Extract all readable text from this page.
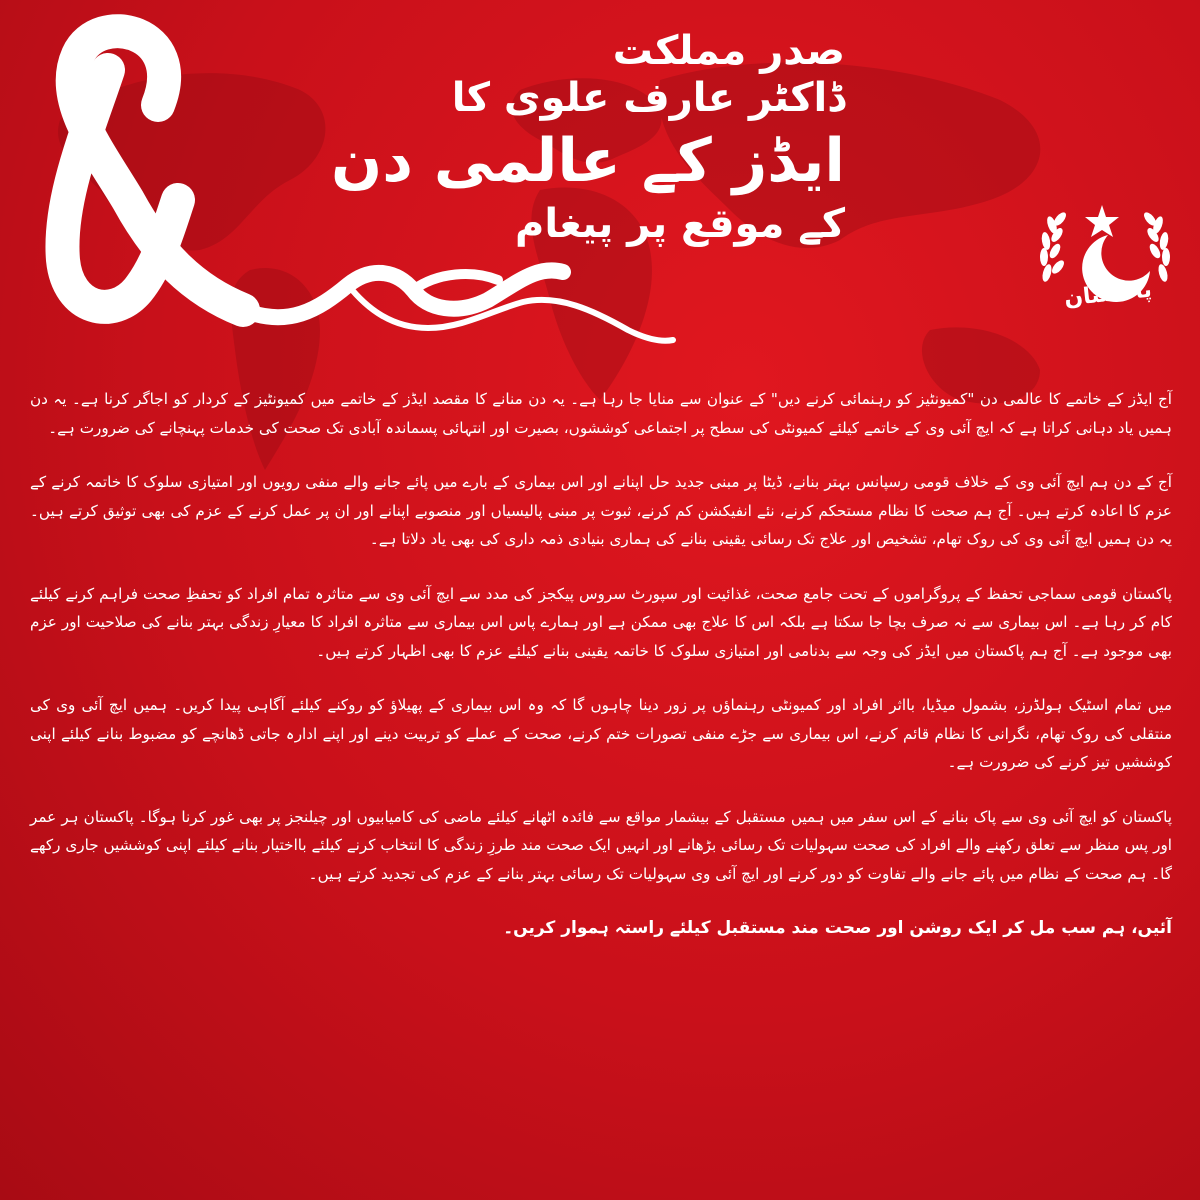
صدر مملکت
ڈاکٹر عارف علوی کا
ایڈز کے عالمی دن
کے موقع پر پیغام
پاکستان

آج ایڈز کے خاتمے کا عالمی دن "کمیونٹیز کو رہنمائی کرنے دیں" کے عنوان سے منایا جا رہا ہے۔ یہ دن منانے کا مقصد ایڈز کے خاتمے میں کمیونٹیز کے کردار کو اجاگر کرنا ہے۔ یہ دن ہمیں یاد دہانی کراتا ہے کہ ایچ آئی وی کے خاتمے کیلئے کمیونٹی کی سطح پر اجتماعی کوششوں، بصیرت اور انتہائی پسماندہ آبادی تک صحت کی خدمات پہنچانے کی ضرورت ہے۔

آج کے دن ہم ایچ آئی وی کے خلاف قومی رسپانس بہتر بنانے، ڈیٹا پر مبنی جدید حل اپنانے اور اس بیماری کے بارے میں پائے جانے والے منفی رویوں اور امتیازی سلوک کا خاتمہ کرنے کے عزم کا اعادہ کرتے ہیں۔ آج ہم صحت کا نظام مستحکم کرنے، نئے انفیکشن کم کرنے، ثبوت پر مبنی پالیسیاں اور منصوبے اپنانے اور ان پر عمل کرنے کے عزم کی بھی توثیق کرتے ہیں۔ یہ دن ہمیں ایچ آئی وی کی روک تھام، تشخیص اور علاج تک رسائی یقینی بنانے کی ہماری بنیادی ذمہ داری کی بھی یاد دلاتا ہے۔

پاکستان قومی سماجی تحفظ کے پروگراموں کے تحت جامع صحت، غذائیت اور سپورٹ سروس پیکجز کی مدد سے ایچ آئی وی سے متاثرہ تمام افراد کو تحفظِ صحت فراہم کرنے کیلئے کام کر رہا ہے۔ اس بیماری سے نہ صرف بچا جا سکتا ہے بلکہ اس کا علاج بھی ممکن ہے اور ہمارے پاس اس بیماری سے متاثرہ افراد کا معیارِ زندگی بہتر بنانے کی صلاحیت اور عزم بھی موجود ہے۔ آج ہم پاکستان میں ایڈز کی وجہ سے بدنامی اور امتیازی سلوک کا خاتمہ یقینی بنانے کیلئے عزم کا بھی اظہار کرتے ہیں۔

میں تمام اسٹیک ہولڈرز، بشمول میڈیا، بااثر افراد اور کمیونٹی رہنماؤں پر زور دینا چاہوں گا کہ وہ اس بیماری کے پھیلاؤ کو روکنے کیلئے آگاہی پیدا کریں۔ ہمیں ایچ آئی وی کی منتقلی کی روک تھام، نگرانی کا نظام قائم کرنے، اس بیماری سے جڑے منفی تصورات ختم کرنے، صحت کے عملے کو تربیت دینے اور اپنے ادارہ جاتی ڈھانچے کو مضبوط بنانے کیلئے اپنی کوششیں تیز کرنے کی ضرورت ہے۔

پاکستان کو ایچ آئی وی سے پاک بنانے کے اس سفر میں ہمیں مستقبل کے بیشمار مواقع سے فائدہ اٹھانے کیلئے ماضی کی کامیابیوں اور چیلنجز پر بھی غور کرنا ہوگا۔ پاکستان ہر عمر اور پس منظر سے تعلق رکھنے والے افراد کی صحت سہولیات تک رسائی بڑھانے اور انہیں ایک صحت مند طرزِ زندگی کا انتخاب کرنے کیلئے بااختیار بنانے کیلئے اپنی کوششیں جاری رکھے گا۔ ہم صحت کے نظام میں پائے جانے والے تفاوت کو دور کرنے اور ایچ آئی وی سہولیات تک رسائی بہتر بنانے کے عزم کی تجدید کرتے ہیں۔

آئیں، ہم سب مل کر ایک روشن اور صحت مند مستقبل کیلئے راستہ ہموار کریں۔
